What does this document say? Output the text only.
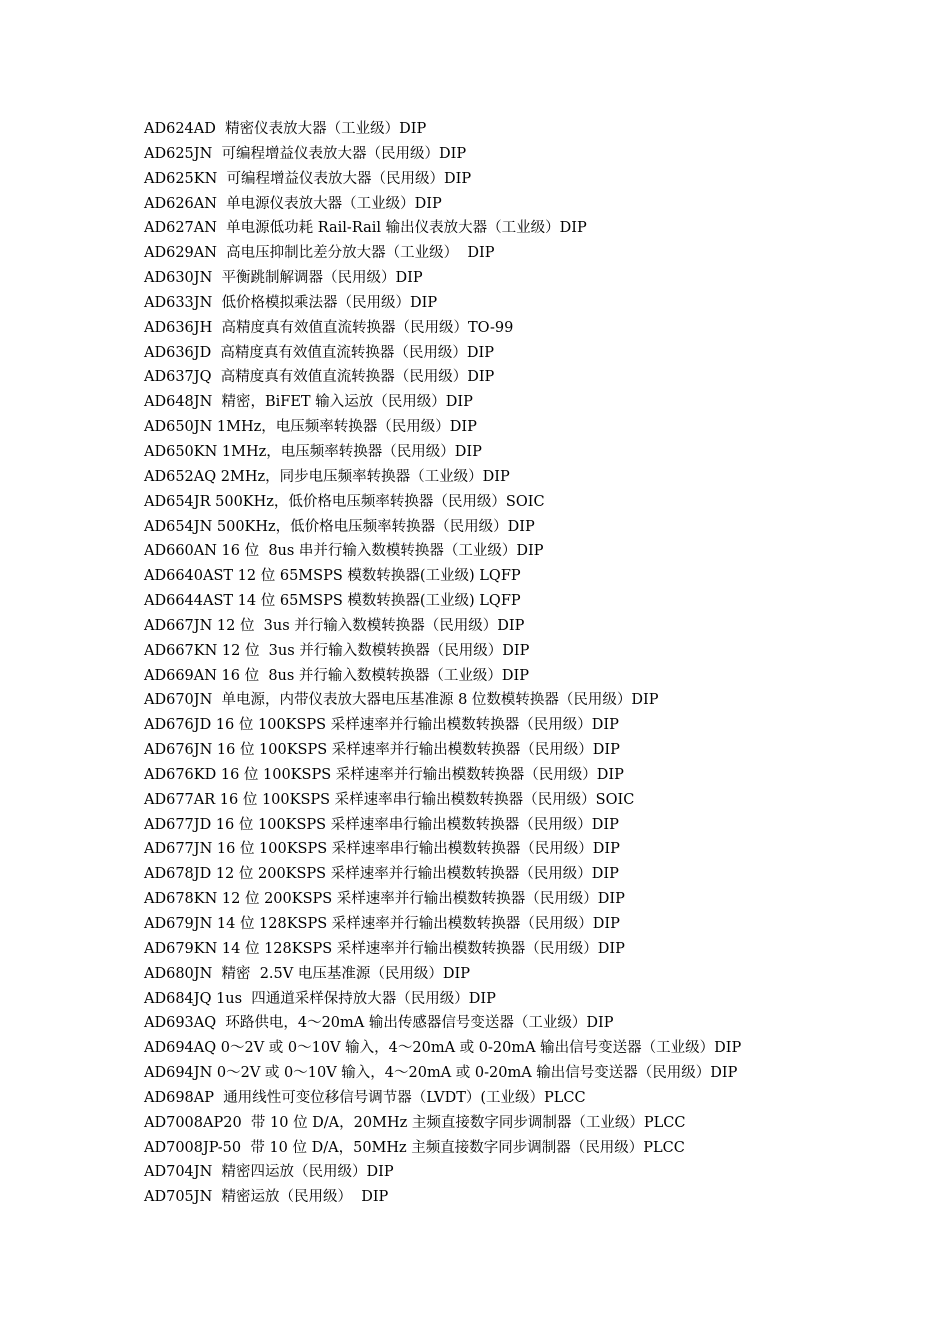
AD624AD  精密仪表放大器（工业级）DIP
AD625JN  可编程增益仪表放大器（民用级）DIP
AD625KN  可编程增益仪表放大器（民用级）DIP
AD626AN  单电源仪表放大器（工业级）DIP
AD627AN  单电源低功耗 Rail-Rail 输出仪表放大器（工业级）DIP
AD629AN  高电压抑制比差分放大器（工业级）  DIP
AD630JN  平衡跳制解调器（民用级）DIP
AD633JN  低价格模拟乘法器（民用级）DIP
AD636JH  高精度真有效值直流转换器（民用级）TO-99
AD636JD  高精度真有效值直流转换器（民用级）DIP
AD637JQ  高精度真有效值直流转换器（民用级）DIP
AD648JN  精密，BiFET 输入运放（民用级）DIP
AD650JN 1MHz，电压频率转换器（民用级）DIP
AD650KN 1MHz，电压频率转换器（民用级）DIP
AD652AQ 2MHz，同步电压频率转换器（工业级）DIP
AD654JR 500KHz，低价格电压频率转换器（民用级）SOIC
AD654JN 500KHz，低价格电压频率转换器（民用级）DIP
AD660AN 16 位  8us 串并行输入数模转换器（工业级）DIP
AD6640AST 12 位 65MSPS 模数转换器(工业级) LQFP
AD6644AST 14 位 65MSPS 模数转换器(工业级) LQFP
AD667JN 12 位  3us 并行输入数模转换器（民用级）DIP
AD667KN 12 位  3us 并行输入数模转换器（民用级）DIP
AD669AN 16 位  8us 并行输入数模转换器（工业级）DIP
AD670JN  单电源，内带仪表放大器电压基准源 8 位数模转换器（民用级）DIP
AD676JD 16 位 100KSPS 采样速率并行输出模数转换器（民用级）DIP
AD676JN 16 位 100KSPS 采样速率并行输出模数转换器（民用级）DIP
AD676KD 16 位 100KSPS 采样速率并行输出模数转换器（民用级）DIP
AD677AR 16 位 100KSPS 采样速率串行输出模数转换器（民用级）SOIC
AD677JD 16 位 100KSPS 采样速率串行输出模数转换器（民用级）DIP
AD677JN 16 位 100KSPS 采样速率串行输出模数转换器（民用级）DIP
AD678JD 12 位 200KSPS 采样速率并行输出模数转换器（民用级）DIP
AD678KN 12 位 200KSPS 采样速率并行输出模数转换器（民用级）DIP
AD679JN 14 位 128KSPS 采样速率并行输出模数转换器（民用级）DIP
AD679KN 14 位 128KSPS 采样速率并行输出模数转换器（民用级）DIP
AD680JN  精密  2.5V 电压基准源（民用级）DIP
AD684JQ 1us  四通道采样保持放大器（民用级）DIP
AD693AQ  环路供电，4～20mA 输出传感器信号变送器（工业级）DIP
AD694AQ 0～2V 或 0～10V 输入，4～20mA 或 0-20mA 输出信号变送器（工业级）DIP
AD694JN 0～2V 或 0～10V 输入，4～20mA 或 0-20mA 输出信号变送器（民用级）DIP
AD698AP  通用线性可变位移信号调节器（LVDT）(工业级）PLCC
AD7008AP20  带 10 位 D/A，20MHz 主频直接数字同步调制器（工业级）PLCC
AD7008JP-50  带 10 位 D/A，50MHz 主频直接数字同步调制器（民用级）PLCC
AD704JN  精密四运放（民用级）DIP
AD705JN  精密运放（民用级）  DIP
